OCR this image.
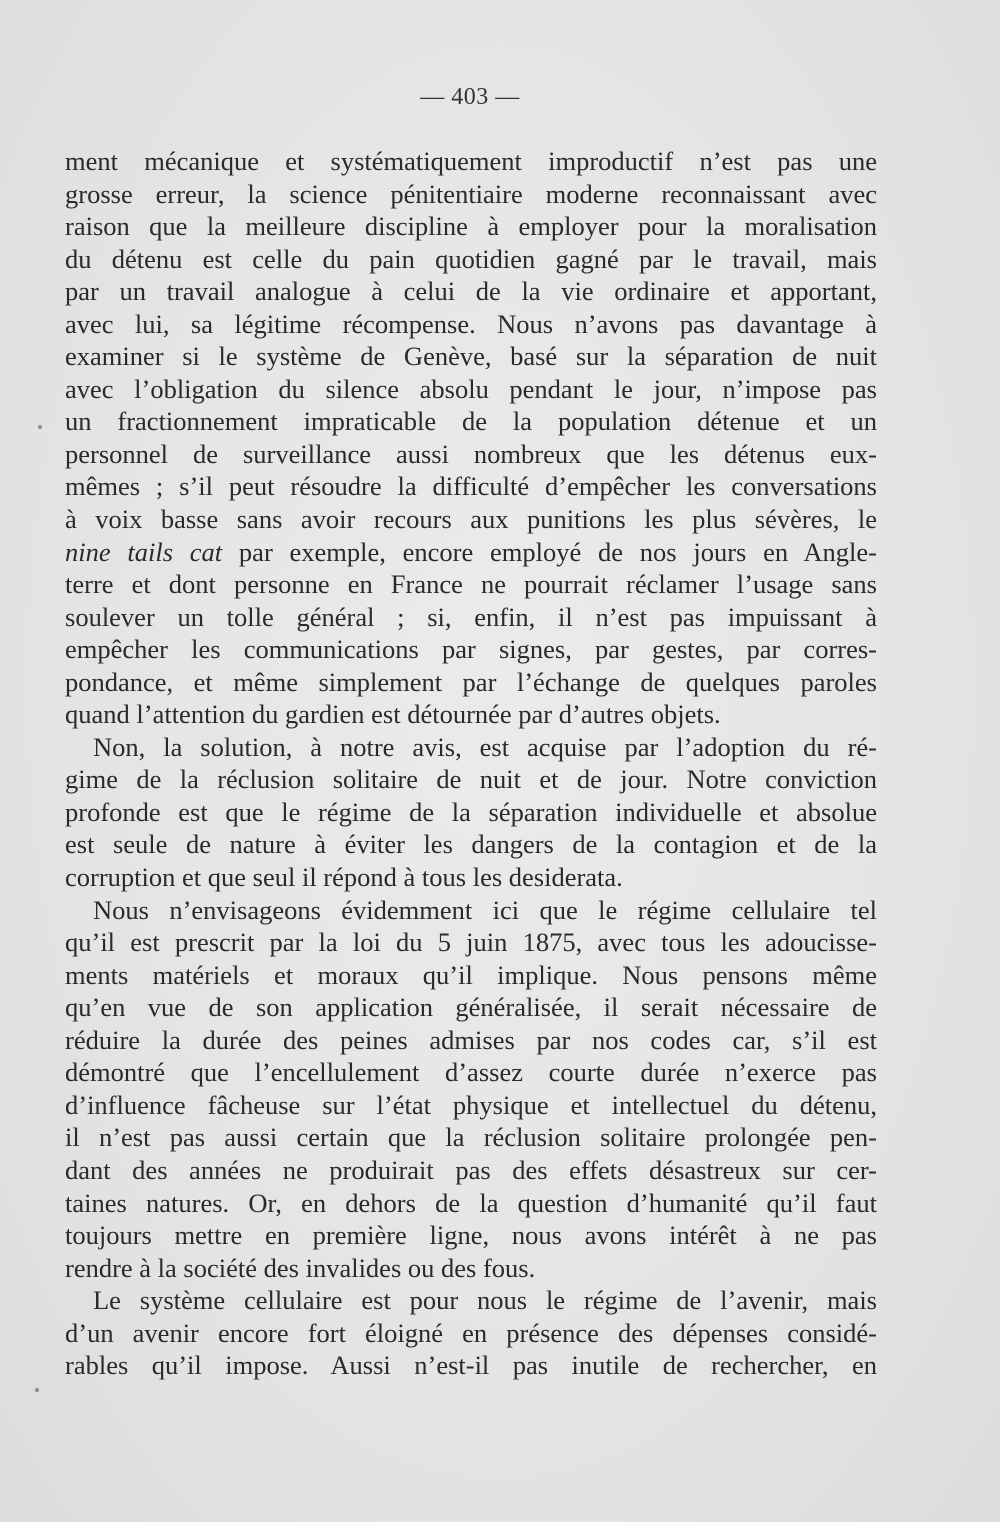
— 403 —
ment mécanique et systématiquement improductif n’est pas une
grosse erreur, la science pénitentiaire moderne reconnaissant avec
raison que la meilleure discipline à employer pour la moralisation
du détenu est celle du pain quotidien gagné par le travail, mais
par un travail analogue à celui de la vie ordinaire et apportant,
avec lui, sa légitime récompense. Nous n’avons pas davantage à
examiner si le système de Genève, basé sur la séparation de nuit
avec l’obligation du silence absolu pendant le jour, n’impose pas
un fractionnement impraticable de la population détenue et un
personnel de surveillance aussi nombreux que les détenus eux-
mêmes ; s’il peut résoudre la difficulté d’empêcher les conversations
à voix basse sans avoir recours aux punitions les plus sévères, le
nine tails cat par exemple, encore employé de nos jours en Angle-
terre et dont personne en France ne pourrait réclamer l’usage sans
soulever un tolle général ; si, enfin, il n’est pas impuissant à
empêcher les communications par signes, par gestes, par corres-
pondance, et même simplement par l’échange de quelques paroles
quand l’attention du gardien est détournée par d’autres objets.
Non, la solution, à notre avis, est acquise par l’adoption du ré-
gime de la réclusion solitaire de nuit et de jour. Notre conviction
profonde est que le régime de la séparation individuelle et absolue
est seule de nature à éviter les dangers de la contagion et de la
corruption et que seul il répond à tous les desiderata.
Nous n’envisageons évidemment ici que le régime cellulaire tel
qu’il est prescrit par la loi du 5 juin 1875, avec tous les adoucisse-
ments matériels et moraux qu’il implique. Nous pensons même
qu’en vue de son application généralisée, il serait nécessaire de
réduire la durée des peines admises par nos codes car, s’il est
démontré que l’encellulement d’assez courte durée n’exerce pas
d’influence fâcheuse sur l’état physique et intellectuel du détenu,
il n’est pas aussi certain que la réclusion solitaire prolongée pen-
dant des années ne produirait pas des effets désastreux sur cer-
taines natures. Or, en dehors de la question d’humanité qu’il faut
toujours mettre en première ligne, nous avons intérêt à ne pas
rendre à la société des invalides ou des fous.
Le système cellulaire est pour nous le régime de l’avenir, mais
d’un avenir encore fort éloigné en présence des dépenses considé-
rables qu’il impose. Aussi n’est-il pas inutile de rechercher, en
